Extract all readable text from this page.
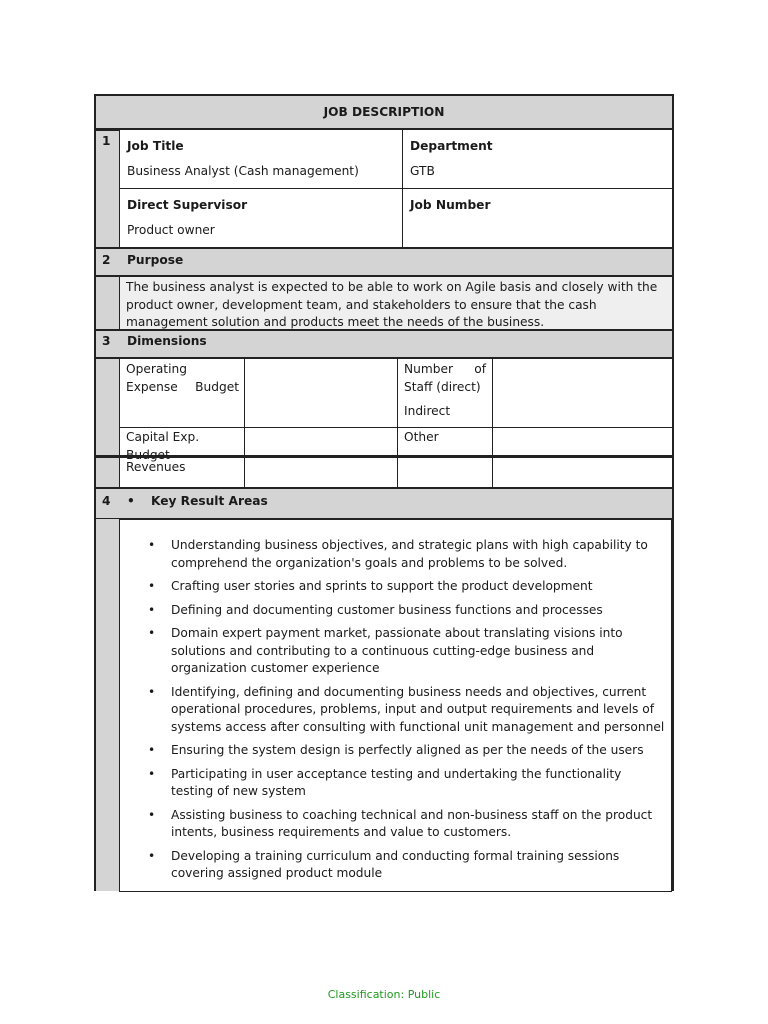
JOB DESCRIPTION
1 Job Title
Business Analyst (Cash management)
Department
GTB
Direct Supervisor
Product owner
Job Number
2 Purpose
The business analyst is expected to be able to work on Agile basis and closely with the product owner, development team, and stakeholders to ensure that the cash management solution and products meet the needs of the business.
3 Dimensions
Operating Expense Budget
Number of Staff (direct)
Indirect
Capital Exp. Budget
Other
Revenues
4 • Key Result Areas
• Understanding business objectives, and strategic plans with high capability to comprehend the organization's goals and problems to be solved.
• Crafting user stories and sprints to support the product development
• Defining and documenting customer business functions and processes
• Domain expert payment market, passionate about translating visions into solutions and contributing to a continuous cutting-edge business and organization customer experience
• Identifying, defining and documenting business needs and objectives, current operational procedures, problems, input and output requirements and levels of systems access after consulting with functional unit management and personnel
• Ensuring the system design is perfectly aligned as per the needs of the users
• Participating in user acceptance testing and undertaking the functionality testing of new system
• Assisting business to coaching technical and non-business staff on the product intents, business requirements and value to customers.
• Developing a training curriculum and conducting formal training sessions covering assigned product module
Classification: Public
